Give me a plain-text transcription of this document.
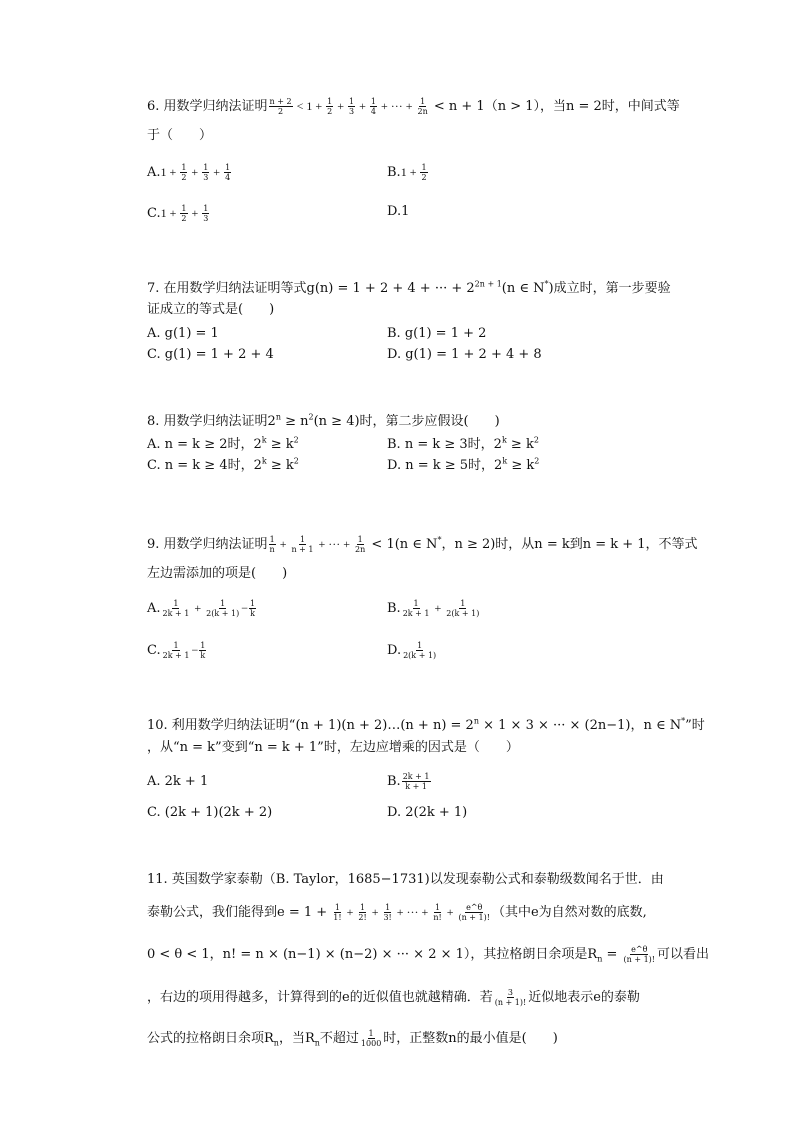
6. 用数学归纳法证明 $\frac{n + 2}{2} < 1 + \frac{1}{2} + \frac{1}{3} + \frac{1}{4}$ + ··· + $\frac{1}{2n} < n + 1(n > 1)$，当n = 2时，中间式等
于（　　）
$A.1 + \frac{1}{2} + \frac{1}{3} + \frac{1}{4}$	$B.1 + \frac{1}{2}$
$C.1 + \frac{1}{2} + \frac{1}{3}$	D.1
7. 在用数学归纳法证明等式g(n) = 1 + 2 + 4 + ··· + $2^{2n + 1}(n$ ∈ N*)成立时，第一步要验
证成立的等式是(　　)
A. g(1) = 1	B. g(1) = 1 + 2
C. g(1) = 1 + 2 + 4	D. g(1) = 1 + 2 + 4 + 8
8. 用数学归纳法证明$2^n \ge n^2(n \ge 4)$时，第二步应假设(　　)
A. n = k ≥ 2时，$2^k \ge k^2$	B. n = k ≥ 3时，$2^k \ge k^2$
C. n = k ≥ 4时，$2^k \ge k^2$	D. n = k ≥ 5时，$2^k \ge k^2$
9. 用数学归纳法证明 $\frac{1}{n} + \frac{1}{n + 1}$ + ··· + $\frac{1}{2n} < 1(n$ ∈ N*，n ≥ 2)时，从n = k到n = k + 1，不等式
左边需添加的项是(　　)
A. $\frac{1}{2k + 1} + \frac{1}{2(k + 1)} - \frac{1}{k}$	B. $\frac{1}{2k + 1} + \frac{1}{2(k + 1)}$
C. $\frac{1}{2k + 1} - \frac{1}{k}$	D. $\frac{1}{2(k + 1)}$
10. 利用数学归纳法证明“(n + 1)(n + 2)…(n + $n) = 2^n \times 1 \times 3$ × ··· × (2n−1)，n ∈ N*”时
，从“n = k”变到“n = k + 1”时，左边应增乘的因式是（　　）
A. 2k + 1	B. $\frac{2k + 1}{k + 1}$
C. (2k + 1)(2k + 2)	D. 2(2k + 1)
11. 英国数学家泰勒（B. Taylor，1685−1731)以发现泰勒公式和泰勒级数闻名于世．由
泰勒公式，我们能得到$e = 1 + \frac{1}{1!} + \frac{1}{2!} + \frac{1}{3!}$ + ··· + $\frac{1}{n!} + \frac{e\^{}\theta}{(n + 1)!}$ （其中e为自然对数的底数,
0 < θ < 1，n! = n × (n−1) × (n−2) × ··· × 2 × 1），其拉格朗日余项是$R_n = \frac{e\^{}\theta}{(n + 1)!}$ 可以看出
，右边的项用得越多，计算得到的e的近似值也就越精确．若 $\frac{3}{(n + 1)!}$ 近似地表示e的泰勒
公式的拉格朗日余项$R_n$，当$R_n$不超过 $\frac{1}{1000}$ 时，正整数n的最小值是(　　)
